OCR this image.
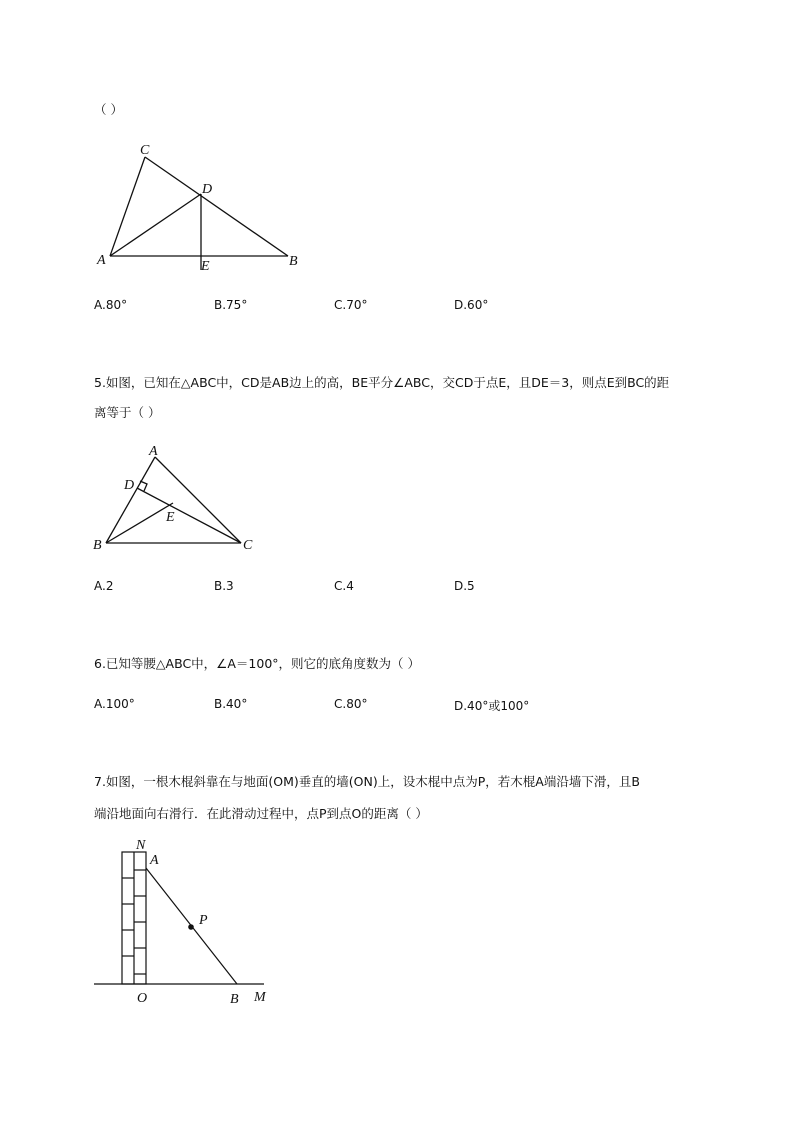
（ ）
C
D
A	E	B
A.80°	B.75°	C.70°	D.60°
5.如图，已知在△ABC中，CD是AB边上的高，BE平分∠ABC，交CD于点E，且DE＝3，则点E到BC的距
离等于（ ）
A
D
E
B	C
A.2	B.3	C.4	D.5
6.已知等腰△ABC中，∠A＝100°，则它的底角度数为（ ）
A.100°	B.40°	C.80°	D.40°或100°
7.如图，一根木棍斜靠在与地面(OM)垂直的墙(ON)上，设木棍中点为P，若木棍A端沿墙下滑，且B
端沿地面向右滑行．在此滑动过程中，点P到点O的距离（ ）
N
A
P
O	B M
